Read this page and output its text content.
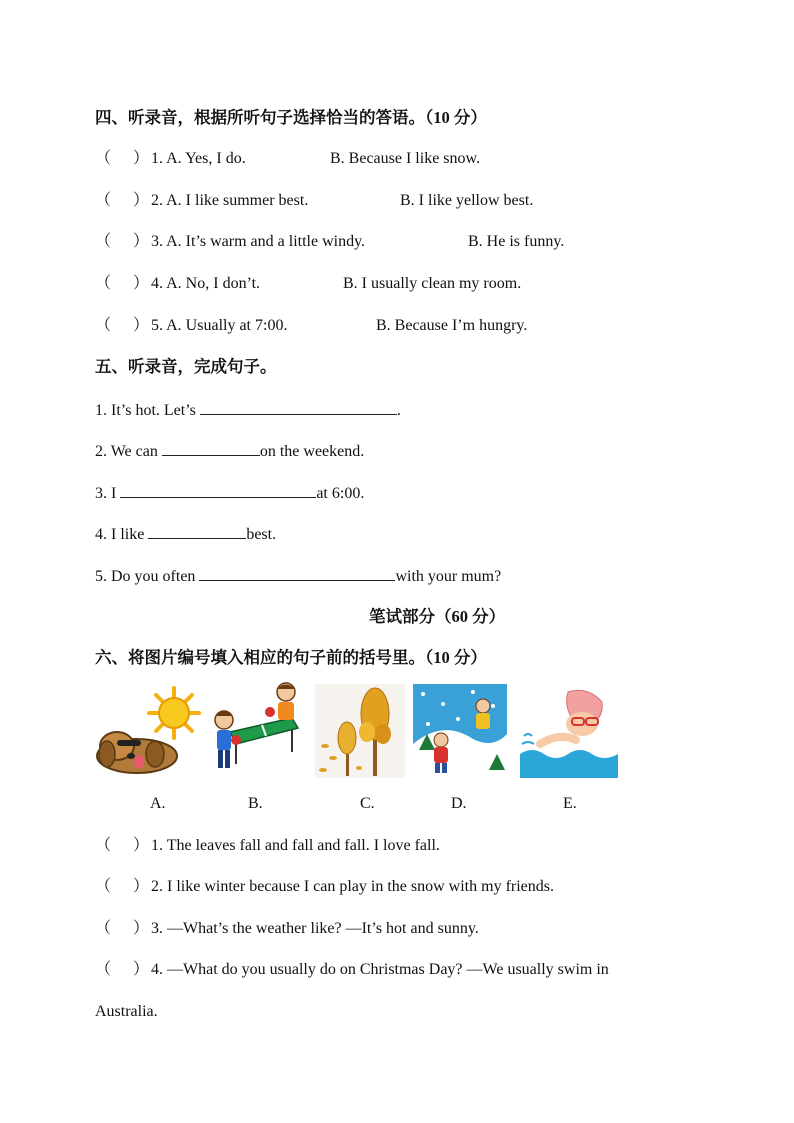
四、听录音，根据所听句子选择恰当的答语。（10 分）
（ ） 1. A. Yes, I do.	B. Because I like snow.
（ ） 2. A. I like summer best.	B. I like yellow best.
（ ） 3. A. It’s warm and a little windy.	B. He is funny.
（ ） 4. A. No, I don’t.	B. I usually clean my room.
（ ） 5. A. Usually at 7:00.	B. Because I’m hungry.
五、听录音，完成句子。
1. It’s hot. Let’s	.
2. We can	on the weekend.
3. I	at 6:00.
4. I like	best.
5. Do you often	with your mum?
笔试部分（60 分）
六、将图片编号填入相应的句子前的括号里。（10 分）
A.	B.	C.	D.	E.
（ ） 1. The leaves fall and fall and fall. I love fall.
（ ） 2. I like winter because I can play in the snow with my friends.
（ ） 3. —What’s the weather like? —It’s hot and sunny.
（ ） 4. —What do you usually do on Christmas Day? —We usually swim in
Australia.
